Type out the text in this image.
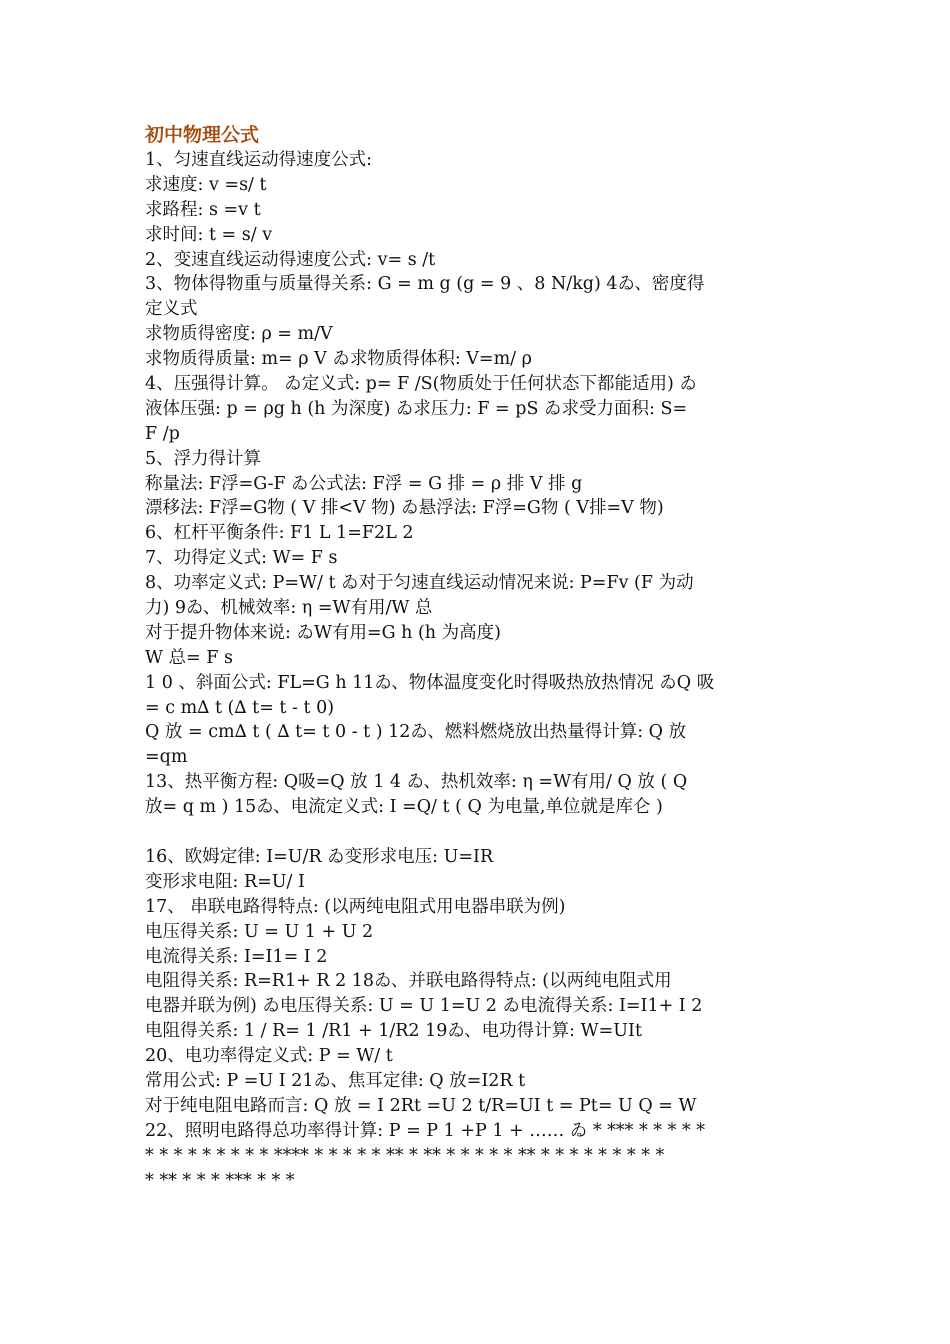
初中物理公式
1、匀速直线运动得速度公式:
求速度: v =s/ t
求路程: s =v t
求时间: t = s/ v
2、变速直线运动得速度公式: v= s /t
3、物体得物重与质量得关系: G = m g (g = 9 、8 N/kg) 4ゐ、密度得
定义式
求物质得密度: ρ = m/V
求物质得质量: m= ρ V ゐ求物质得体积: V=m/ ρ
4、压强得计算。 ゐ定义式: p= F /S(物质处于任何状态下都能适用) ゐ
液体压强: p = ρg h (h 为深度) ゐ求压力: F = pS ゐ求受力面积: S=
F /p
5、浮力得计算
称量法: F浮=G-F ゐ公式法: F浮 = G 排 = ρ 排 V 排 g
漂移法: F浮=G物 ( V 排<V 物) ゐ悬浮法: F浮=G物 ( V排=V 物)
6、杠杆平衡条件: F1 L 1=F2L 2
7、功得定义式: W= F s
8、功率定义式: P=W/ t ゐ对于匀速直线运动情况来说: P=Fv (F 为动
力) 9ゐ、机械效率: η =W有用/W 总
对于提升物体来说: ゐW有用=G h (h 为高度)
W 总= F s
1 0 、斜面公式: FL=G h 11ゐ、物体温度变化时得吸热放热情况 ゐQ 吸
= c m∆ t (∆ t= t - t 0)
Q 放 = cm∆ t ( ∆ t= t 0 - t ) 12ゐ、燃料燃烧放出热量得计算: Q 放
=qm
13、热平衡方程: Q吸=Q 放 1 4 ゐ、热机效率: η =W有用/ Q 放 ( Q
放= q m ) 15ゐ、电流定义式: I =Q/ t ( Q 为电量,单位就是库仑 )
16、欧姆定律: I=U/R ゐ变形求电压: U=IR
变形求电阻: R=U/ I
17、 串联电路得特点: (以两纯电阻式用电器串联为例)
电压得关系: U = U 1 + U 2
电流得关系: I=I1= I 2
电阻得关系: R=R1+ R 2 18ゐ、并联电路得特点: (以两纯电阻式用
电器并联为例) ゐ电压得关系: U = U 1=U 2 ゐ电流得关系: I=I1+ I 2
电阻得关系: 1 / R= 1 /R1 + 1/R2 19ゐ、电功得计算: W=UIt
20、电功率得定义式: P = W/ t
常用公式: P =U I 21ゐ、焦耳定律: Q 放=I2R t
对于纯电阻电路而言: Q 放 = I 2Rt =U 2 t/R=UI t = Pt= U Q = W
22、照明电路得总功率得计算: P = P 1 +P 1 + …… ゐ * *** * * * * *
* * * * * * * * * **** * * * * * ** * ** * * * * * ** * * * * * * * * *
* ** * * * *** * * *
